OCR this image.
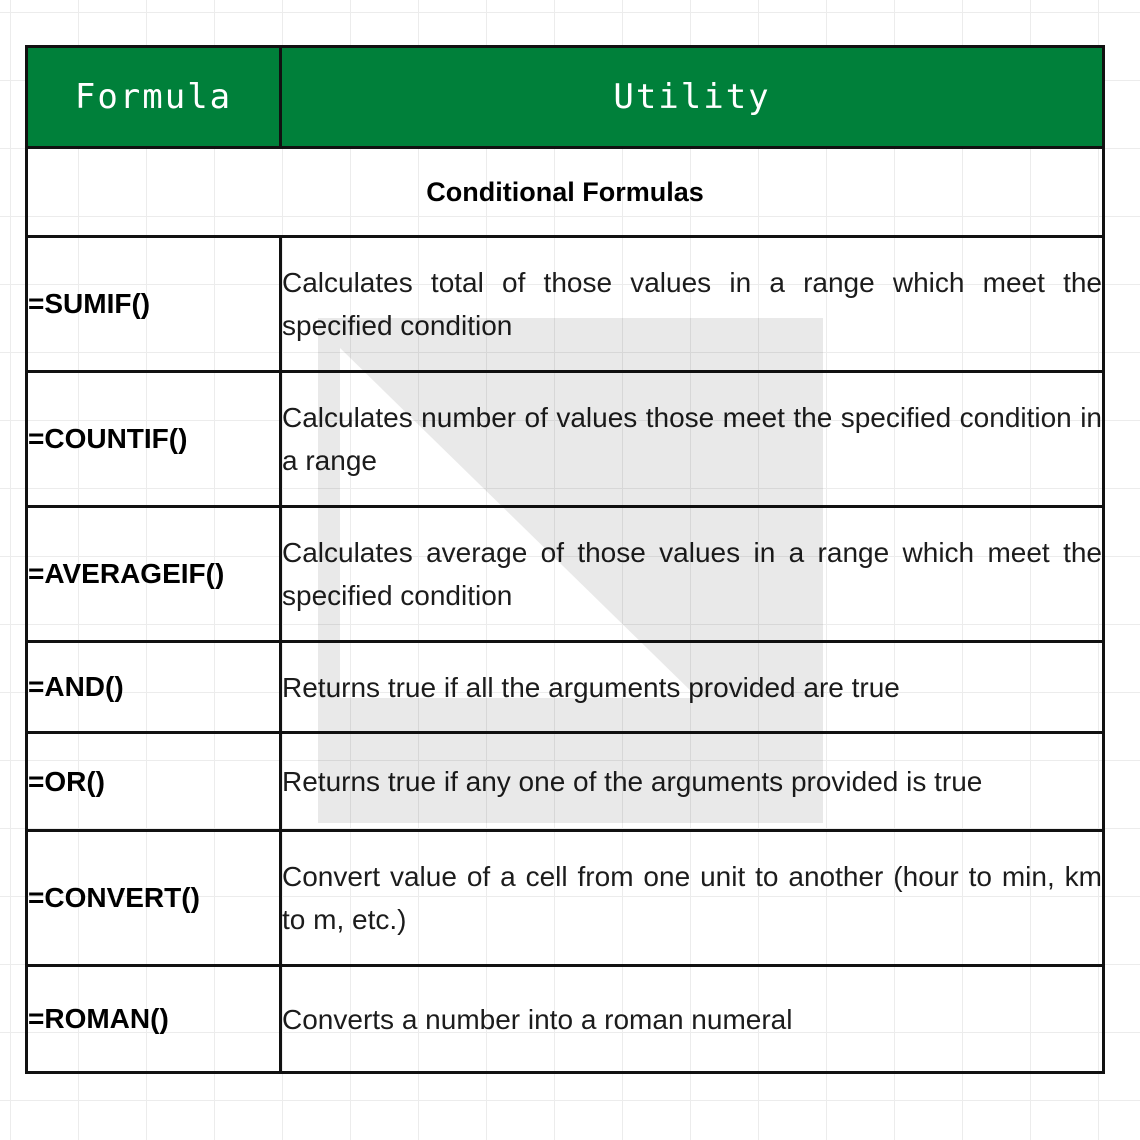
Formula	Utility
Conditional Formulas	
=SUMIF()	Calculates total of those values in a range which meet the specified condition
=COUNTIF()	Calculates number of values those meet the specified condition in a range
=AVERAGEIF()	Calculates average of those values in a range which meet the specified condition
=AND()	Returns true if all the arguments provided are true
=OR()	Returns true if any one of the arguments provided is true
=CONVERT()	Convert value of a cell from one unit to another (hour to min, km to m, etc.)
=ROMAN()	Converts a number into a roman numeral
